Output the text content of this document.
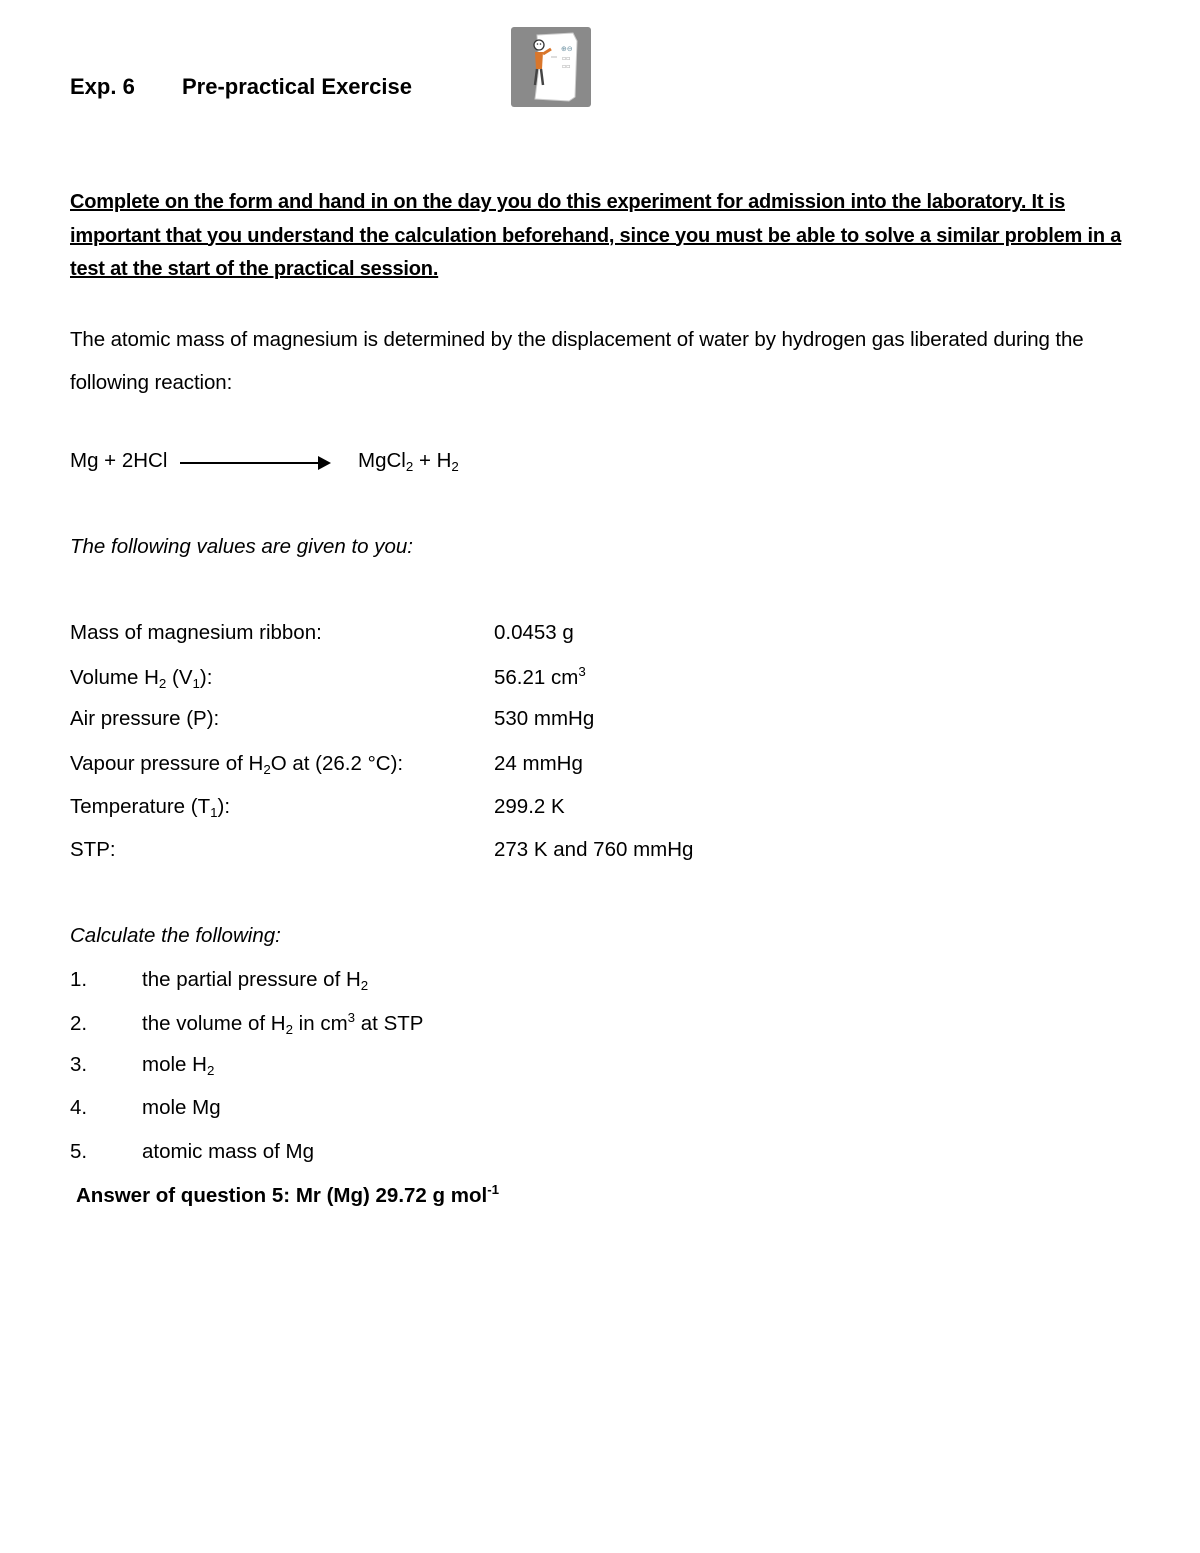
Exp. 6 Pre-practical Exercise
⊕⊖
▫▫
▫▫
Complete on the form and hand in on the day you do this experiment for admission into the laboratory. It is important that you understand the calculation beforehand, since you must be able to solve a similar problem in a test at the start of the practical session.
The atomic mass of magnesium is determined by the displacement of water by hydrogen gas liberated during the following reaction:
Mg + 2HCl	MgCl$_2$ + $H_2$
The following values are given to you:
Mass of magnesium ribbon:	0.0453 g
Volume $H_2$ $(V_1)$:	56.21 $cm^3$
Air pressure (P):	530 mmHg
Vapour pressure of $H_2O$ at (26.2 °C):	24 mmHg
Temperature $(T_1)$:	299.2 K
STP:	273 K and 760 mmHg
Calculate the following:
1.	the partial pressure of $H_2$
2.	the volume of $H_2$ in $cm^3$ at STP
3.	mole $H_2$
4.	mole Mg
5.	atomic mass of Mg
Answer of question 5: Mr (Mg) 29.72 g mol$^{-1}$
